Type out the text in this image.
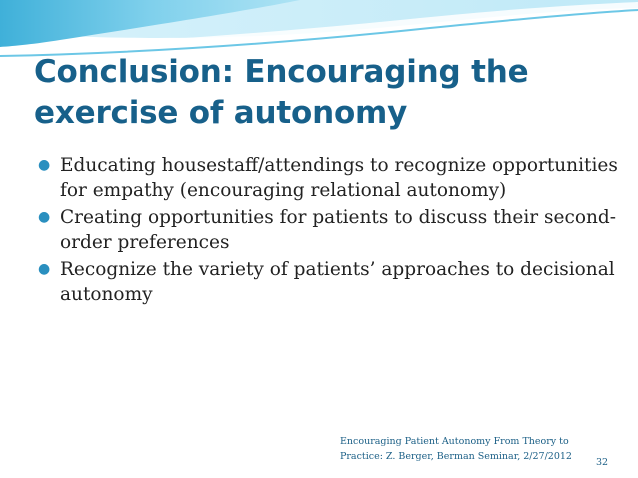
Conclusion: Encouraging the exercise of autonomy
● Educating housestaff/attendings to recognize opportunities for empathy (encouraging relational autonomy)
● Creating opportunities for patients to discuss their second-order preferences
● Recognize the variety of patients’ approaches to decisional autonomy
Encouraging Patient Autonomy From Theory to
Practice: Z. Berger, Berman Seminar, 2/27/2012
32
